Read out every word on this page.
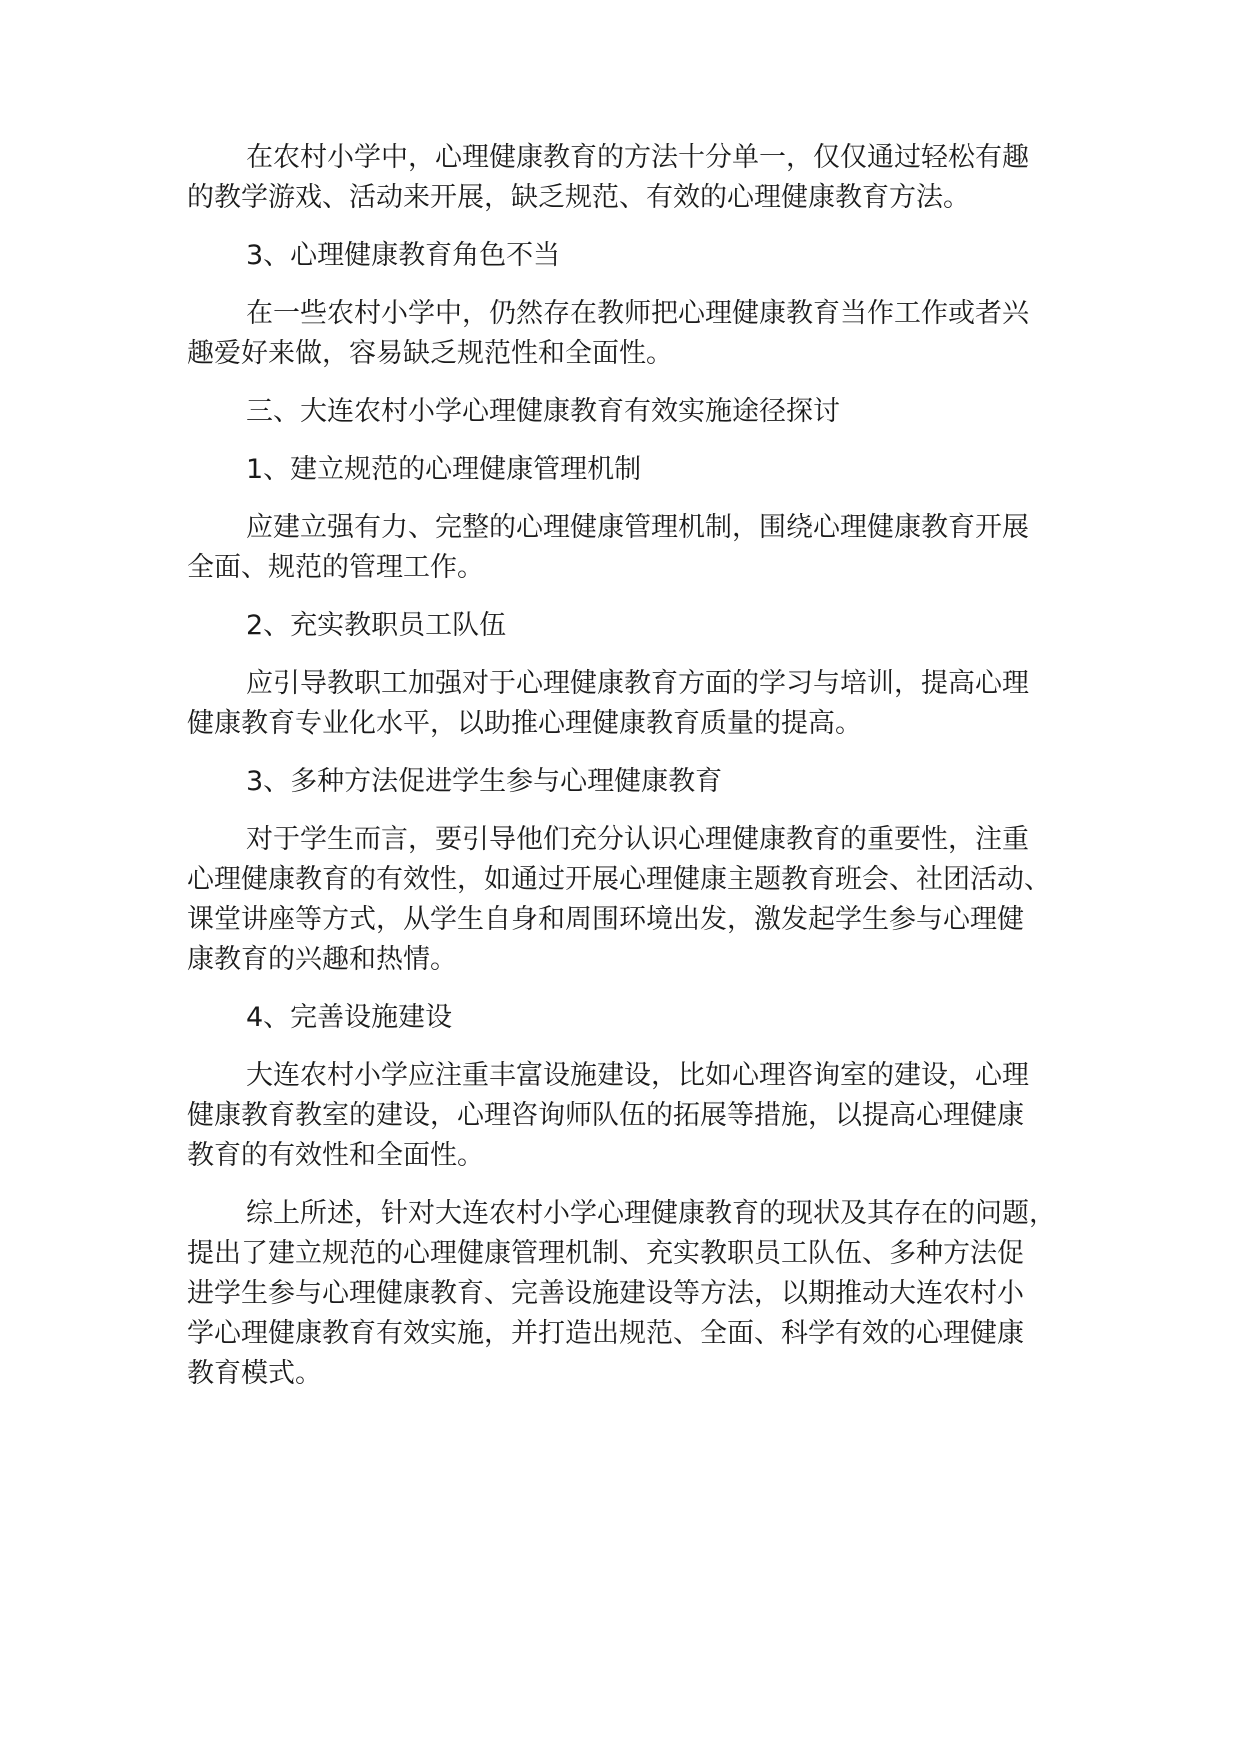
在农村小学中，心理健康教育的方法十分单一，仅仅通过轻松有趣
的教学游戏、活动来开展，缺乏规范、有效的心理健康教育方法。
3、心理健康教育角色不当
在一些农村小学中，仍然存在教师把心理健康教育当作工作或者兴
趣爱好来做，容易缺乏规范性和全面性。
三、大连农村小学心理健康教育有效实施途径探讨
1、建立规范的心理健康管理机制
应建立强有力、完整的心理健康管理机制，围绕心理健康教育开展
全面、规范的管理工作。
2、充实教职员工队伍
应引导教职工加强对于心理健康教育方面的学习与培训，提高心理
健康教育专业化水平，以助推心理健康教育质量的提高。
3、多种方法促进学生参与心理健康教育
对于学生而言，要引导他们充分认识心理健康教育的重要性，注重
心理健康教育的有效性，如通过开展心理健康主题教育班会、社团活动、
课堂讲座等方式，从学生自身和周围环境出发，激发起学生参与心理健
康教育的兴趣和热情。
4、完善设施建设
大连农村小学应注重丰富设施建设，比如心理咨询室的建设，心理
健康教育教室的建设，心理咨询师队伍的拓展等措施，以提高心理健康
教育的有效性和全面性。
综上所述，针对大连农村小学心理健康教育的现状及其存在的问题，
提出了建立规范的心理健康管理机制、充实教职员工队伍、多种方法促
进学生参与心理健康教育、完善设施建设等方法，以期推动大连农村小
学心理健康教育有效实施，并打造出规范、全面、科学有效的心理健康
教育模式。
